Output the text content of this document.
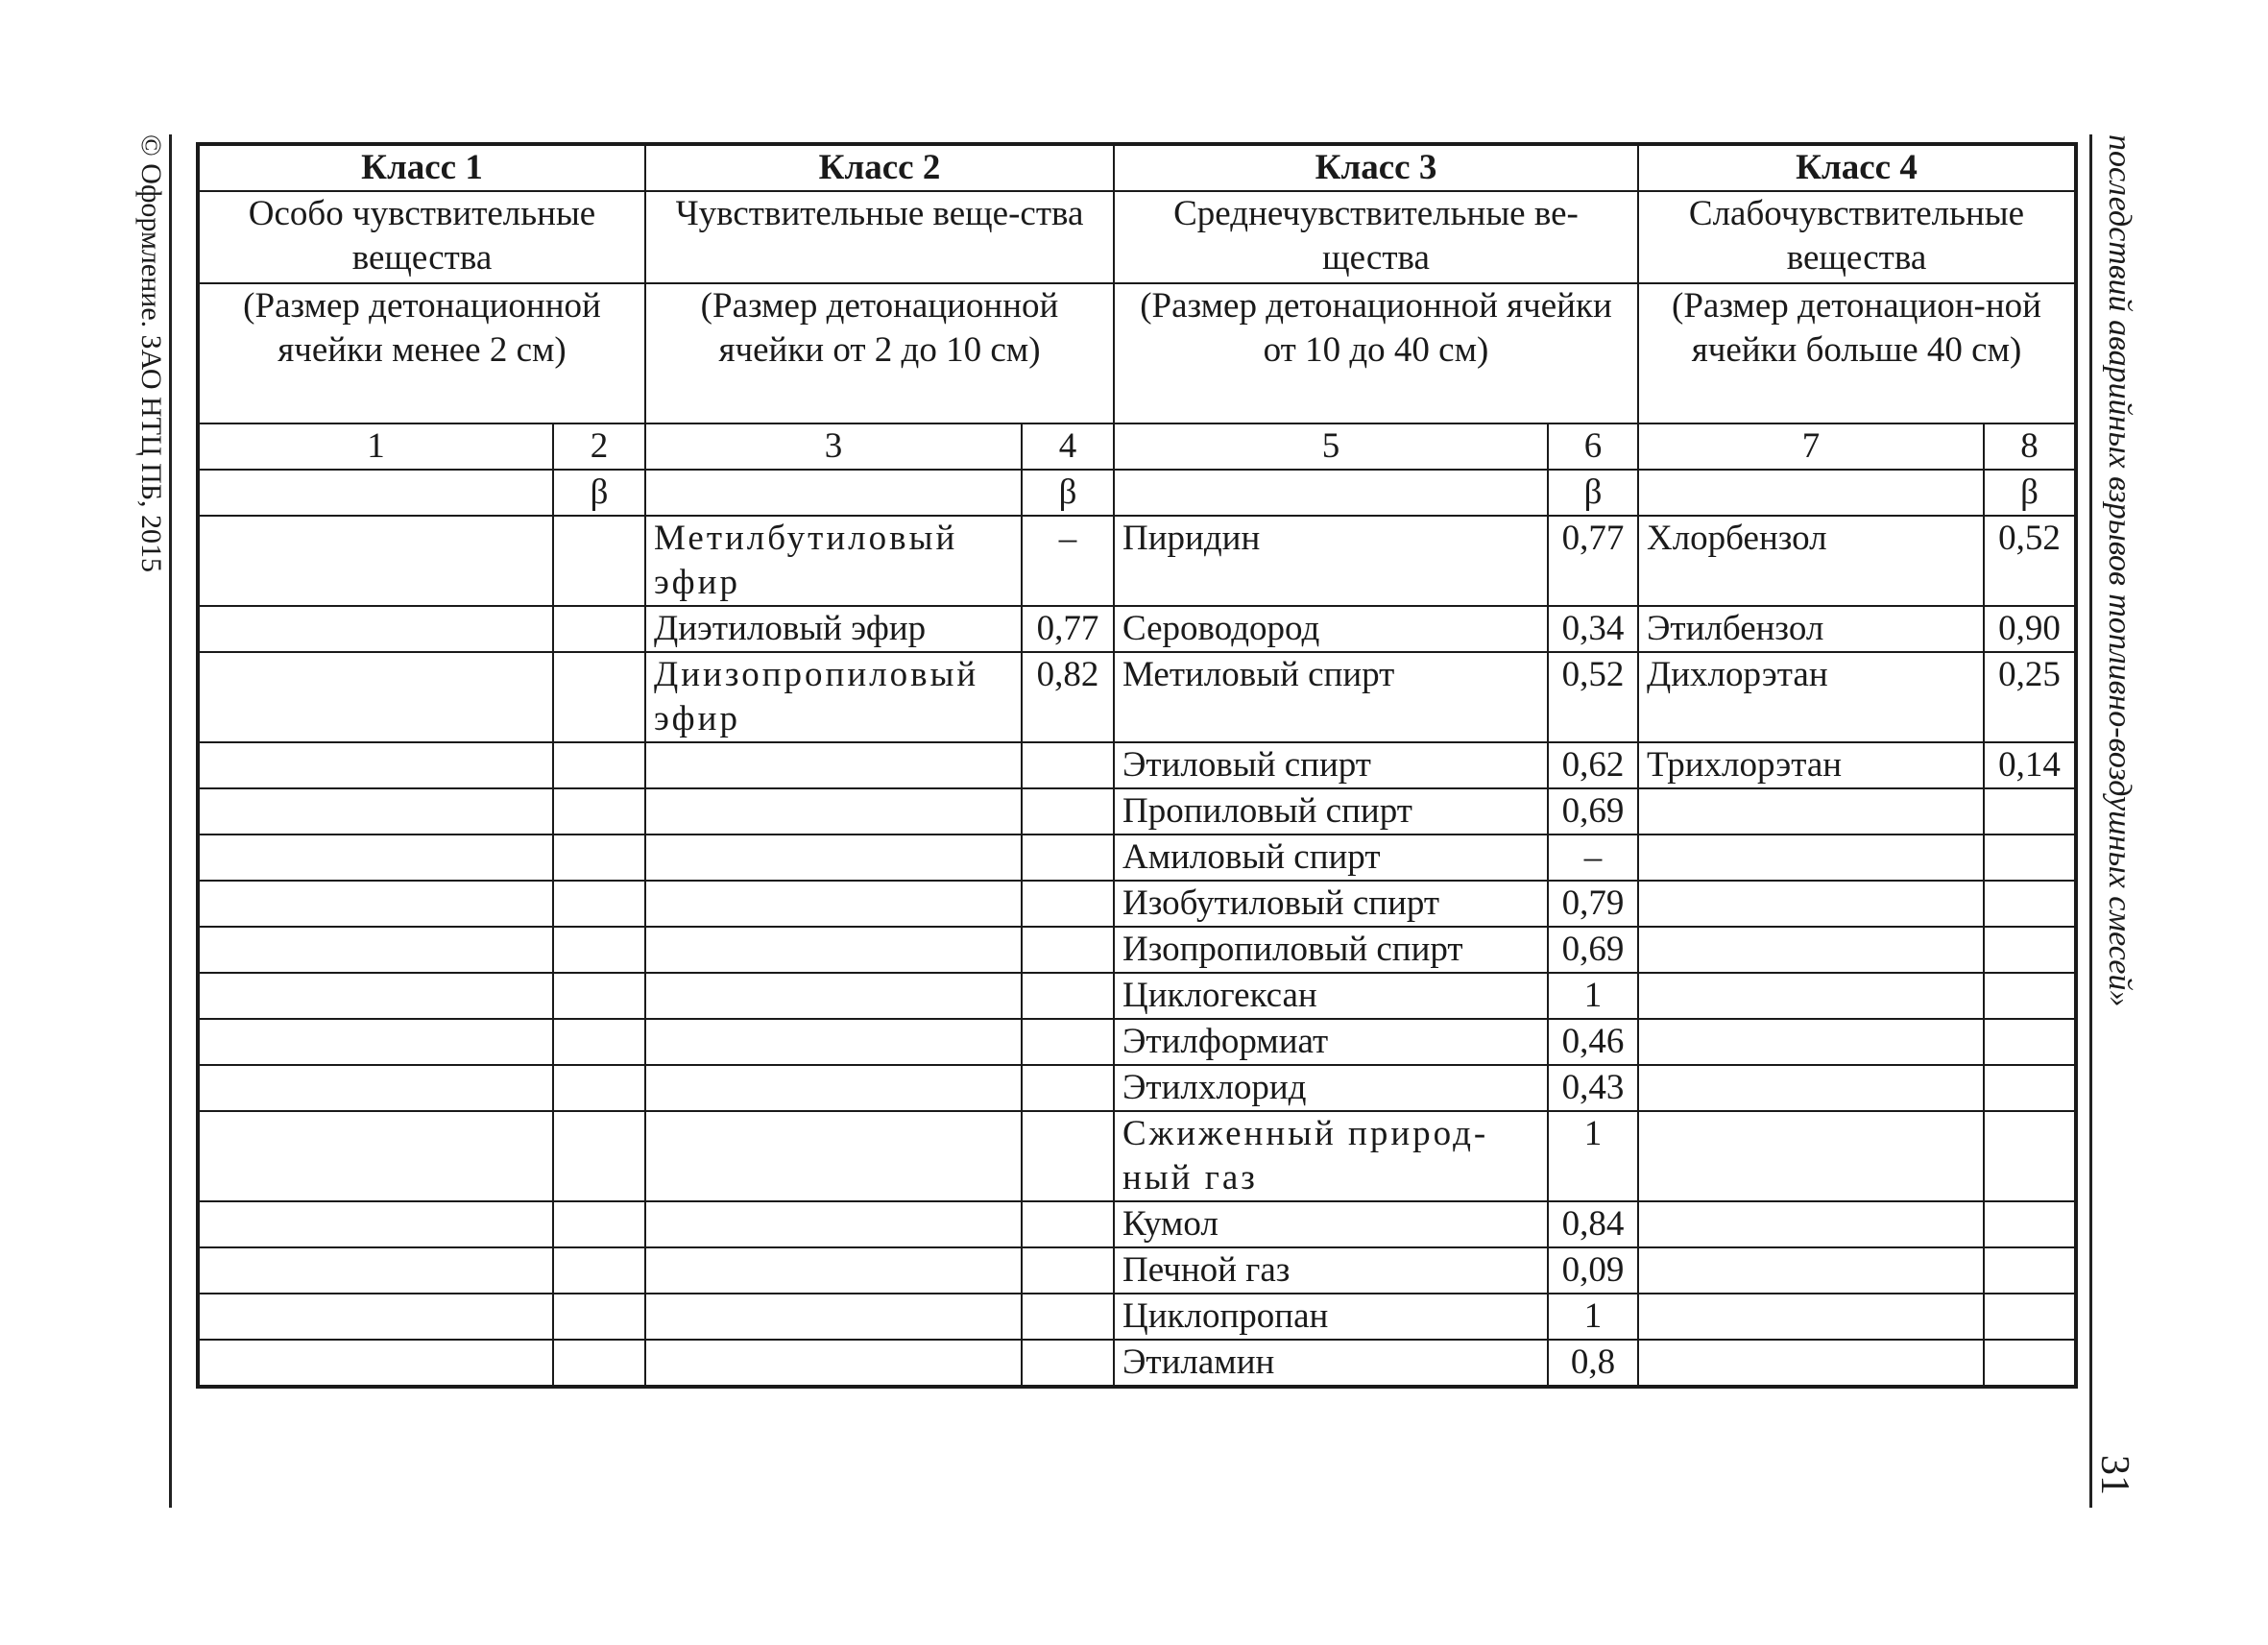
© Оформление. ЗАО НТЦ ПБ, 2015	последствий аварийных взрывов топливно-воздушных смесей»
31
Класс 1		Класс 2		Класс 3		Класс 4	
Особо чувствительные вещества		Чувствительные веще-ства		Среднечувствительные ве-щества		Слабочувствительные вещества	
(Размер детонационной ячейки менее 2 см)		(Размер детонационной ячейки от 2 до 10 см)		(Размер детонационной ячейки от 10 до 40 см)		(Размер детонацион-ной ячейки больше 40 см)	
1	2	3	4	5	6	7	8
	β		β		β		β
		Метилбутиловый эфир	–	Пиридин	0,77	Хлорбензол	0,52
		Диэтиловый эфир	0,77	Сероводород	0,34	Этилбензол	0,90
		Диизопропиловый эфир	0,82	Метиловый спирт	0,52	Дихлорэтан	0,25
				Этиловый спирт	0,62	Трихлорэтан	0,14
				Пропиловый спирт	0,69		
				Амиловый спирт	–		
				Изобутиловый спирт	0,79		
				Изопропиловый спирт	0,69		
				Циклогексан	1		
				Этилформиат	0,46		
				Этилхлорид	0,43		
				Сжиженный природ-ный газ	1		
				Кумол	0,84		
				Печной газ	0,09		
				Циклопропан	1		
				Этиламин	0,8		
